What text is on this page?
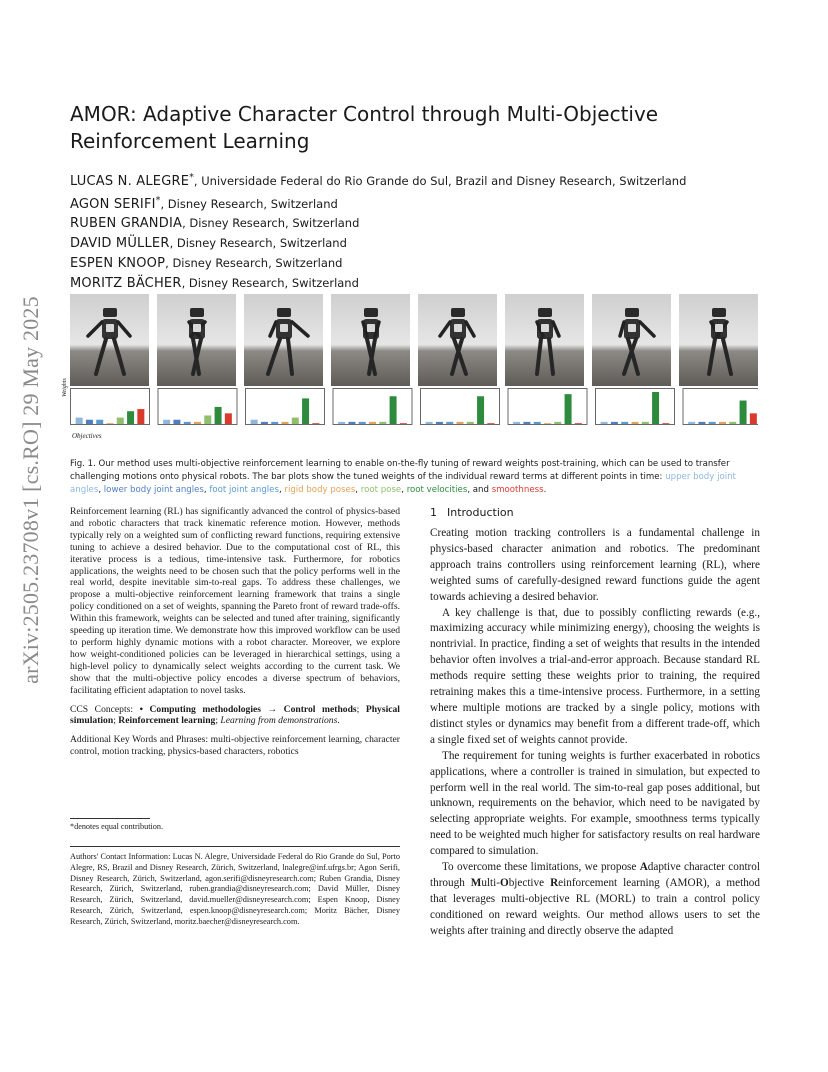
arXiv:2505.23708v1 [cs.RO] 29 May 2025
AMOR: Adaptive Character Control through Multi-Objective Reinforcement Learning
LUCAS N. ALEGRE*, Universidade Federal do Rio Grande do Sul, Brazil and Disney Research, Switzerland
AGON SERIFI*, Disney Research, Switzerland
RUBEN GRANDIA, Disney Research, Switzerland
DAVID MÜLLER, Disney Research, Switzerland
ESPEN KNOOP, Disney Research, Switzerland
MORITZ BÄCHER, Disney Research, Switzerland
Weights
Objectives
Fig. 1. Our method uses multi-objective reinforcement learning to enable on-the-fly tuning of reward weights post-training, which can be used to transfer challenging motions onto physical robots. The bar plots show the tuned weights of the individual reward terms at different points in time: upper body joint angles, lower body joint angles, foot joint angles, rigid body poses, root pose, root velocities, and smoothness.

Reinforcement learning (RL) has significantly advanced the control of physics-based and robotic characters that track kinematic reference motion. However, methods typically rely on a weighted sum of conflicting reward functions, requiring extensive tuning to achieve a desired behavior. Due to the computational cost of RL, this iterative process is a tedious, time-intensive task. Furthermore, for robotics applications, the weights need to be chosen such that the policy performs well in the real world, despite inevitable sim-to-real gaps. To address these challenges, we propose a multi-objective reinforcement learning framework that trains a single policy conditioned on a set of weights, spanning the Pareto front of reward trade-offs. Within this framework, weights can be selected and tuned after training, significantly speeding up iteration time. We demonstrate how this improved workflow can be used to perform highly dynamic motions with a robot character. Moreover, we explore how weight-conditioned policies can be leveraged in hierarchical settings, using a high-level policy to dynamically select weights according to the current task. We show that the multi-objective policy encodes a diverse spectrum of behaviors, facilitating efficient adaptation to novel tasks.

CCS Concepts: • Computing methodologies → Control methods; Physical simulation; Reinforcement learning; Learning from demonstrations.

Additional Key Words and Phrases: multi-objective reinforcement learning, character control, motion tracking, physics-based characters, robotics

*denotes equal contribution.
Authors' Contact Information: Lucas N. Alegre, Universidade Federal do Rio Grande do Sul, Porto Alegre, RS, Brazil and Disney Research, Zürich, Switzerland, lnalegre@inf.ufrgs.br; Agon Serifi, Disney Research, Zürich, Switzerland, agon.serifi@disneyresearch.com; Ruben Grandia, Disney Research, Zürich, Switzerland, ruben.grandia@disneyresearch.com; David Müller, Disney Research, Zürich, Switzerland, david.mueller@disneyresearch.com; Espen Knoop, Disney Research, Zürich, Switzerland, espen.knoop@disneyresearch.com; Moritz Bächer, Disney Research, Zürich, Switzerland, moritz.baecher@disneyresearch.com.
1 Introduction

Creating motion tracking controllers is a fundamental challenge in physics-based character animation and robotics. The predominant approach trains controllers using reinforcement learning (RL), where weighted sums of carefully-designed reward functions guide the agent towards achieving a desired behavior.

A key challenge is that, due to possibly conflicting rewards (e.g., maximizing accuracy while minimizing energy), choosing the weights is nontrivial. In practice, finding a set of weights that results in the intended behavior often involves a trial-and-error approach. Because standard RL methods require setting these weights prior to training, the required retraining makes this a time-intensive process. Furthermore, in a setting where multiple motions are tracked by a single policy, motions with distinct styles or dynamics may benefit from a different trade-off, which a single fixed set of weights cannot provide.

The requirement for tuning weights is further exacerbated in robotics applications, where a controller is trained in simulation, but expected to perform well in the real world. The sim-to-real gap poses additional, but unknown, requirements on the behavior, which need to be navigated by selecting appropriate weights. For example, smoothness terms typically need to be weighted much higher for satisfactory results on real hardware compared to simulation.

To overcome these limitations, we propose Adaptive character control through Multi-Objective Reinforcement learning (AMOR), a method that leverages multi-objective RL (MORL) to train a control policy conditioned on reward weights. Our method allows users to set the weights after training and directly observe the adapted
